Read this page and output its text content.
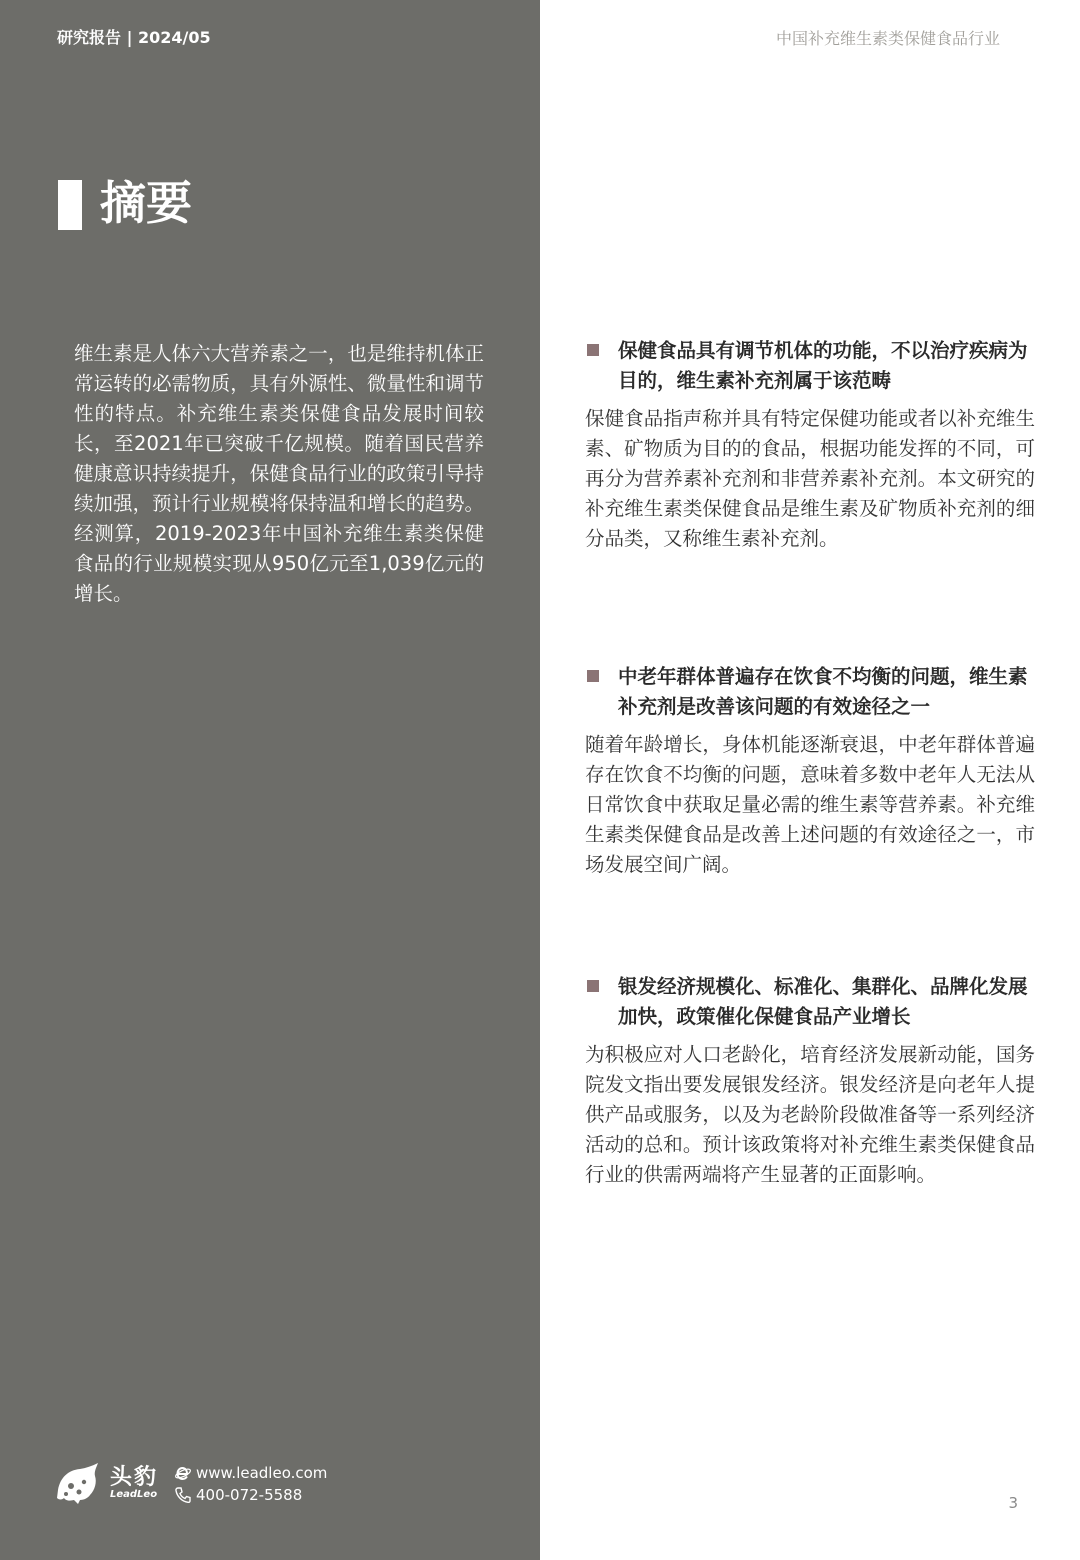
研究报告 | 2024/05
摘要
维生素是人体六大营养素之一，也是维持机体正常运转的必需物质，具有外源性、微量性和调节性的特点。补充维生素类保健食品发展时间较长，至2021年已突破千亿规模。随着国民营养健康意识持续提升，保健食品行业的政策引导持续加强，预计行业规模将保持温和增长的趋势。经测算，2019-2023年中国补充维生素类保健食品的行业规模实现从950亿元至1,039亿元的增长。
头豹
LeadLeo
www.leadleo.com
400-072-5588
中国补充维生素类保健食品行业
保健食品具有调节机体的功能，不以治疗疾病为目的，维生素补充剂属于该范畴
保健食品指声称并具有特定保健功能或者以补充维生素、矿物质为目的的食品，根据功能发挥的不同，可再分为营养素补充剂和非营养素补充剂。本文研究的补充维生素类保健食品是维生素及矿物质补充剂的细分品类，又称维生素补充剂。
中老年群体普遍存在饮食不均衡的问题，维生素补充剂是改善该问题的有效途径之一
随着年龄增长，身体机能逐渐衰退，中老年群体普遍存在饮食不均衡的问题，意味着多数中老年人无法从日常饮食中获取足量必需的维生素等营养素。补充维生素类保健食品是改善上述问题的有效途径之一，市场发展空间广阔。
银发经济规模化、标准化、集群化、品牌化发展加快，政策催化保健食品产业增长
为积极应对人口老龄化，培育经济发展新动能，国务院发文指出要发展银发经济。银发经济是向老年人提供产品或服务，以及为老龄阶段做准备等一系列经济活动的总和。预计该政策将对补充维生素类保健食品行业的供需两端将产生显著的正面影响。
3
